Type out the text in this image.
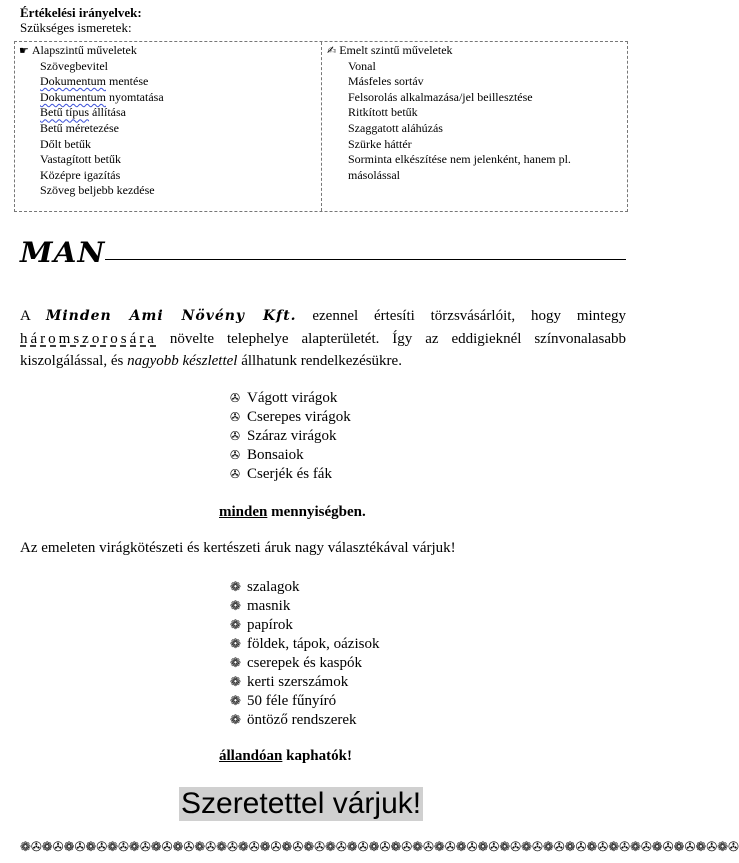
Értékelési irányelvek:
Szükséges ismeretek:
☛ Alapszintű műveletek
Szövegbevitel
Dokumentum mentése
Dokumentum nyomtatása
Betű típus állítása
Betű méretezése
Dőlt betűk
Vastagított betűk
Középre igazítás
Szöveg beljebb kezdése
✍ Emelt szintű műveletek
Vonal
Másfeles sortáv
Felsorolás alkalmazása/jel beillesztése
Ritkított betűk
Szaggatott aláhúzás
Szürke háttér
Sorminta elkészítése nem jelenként, hanem pl.
másolással
MAN
A Minden Ami Növény Kft. ezennel értesíti törzsvásárlóit, hogy mintegy háromszorosára növelte telephelye alapterületét. Így az eddigieknél színvonalasabb kiszolgálással, és nagyobb készlettel állhatunk rendelkezésükre.
✇ Vágott virágok
✇ Cserepes virágok
✇ Száraz virágok
✇ Bonsaiok
✇ Cserjék és fák
minden mennyiségben.
Az emeleten virágkötészeti és kertészeti áruk nagy választékával várjuk!
❁ szalagok
❁ masnik
❁ papírok
❁ földek, tápok, oázisok
❁ cserepek és kaspók
❁ kerti szerszámok
❁ 50 féle fűnyíró
❁ öntöző rendszerek
állandóan kaphatók!
Szeretettel várjuk!
❁✇❁✇❁✇❁✇❁✇❁✇❁✇❁✇❁✇❁✇❁✇❁✇❁✇❁✇❁✇❁✇❁✇❁✇❁✇❁✇❁✇❁✇❁✇❁✇❁✇❁✇❁✇❁✇❁✇❁✇❁✇❁✇❁✇
